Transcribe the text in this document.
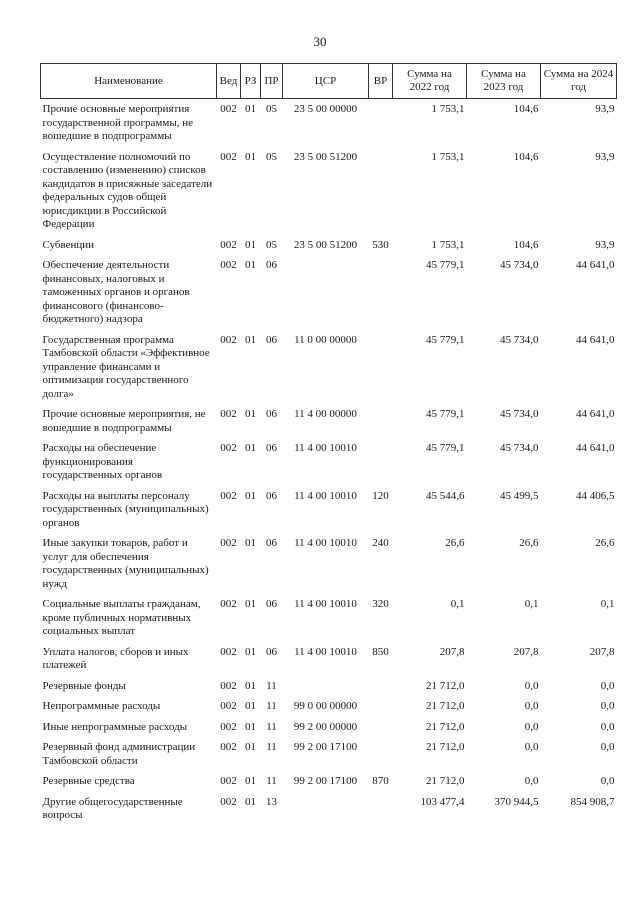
30
Наименование	Вед	РЗ	ПР	ЦСР	ВР	Сумма на 2022 год	Сумма на 2023 год	Сумма на 2024 год
Прочие основные мероприятия государственной программы, не вошедшие в подпрограммы	002	01	05	23 5 00 00000		1 753,1	104,6	93,9
Осуществление полномочий по составлению (изменению) списков кандидатов в присяжные заседатели федеральных судов общей юрисдикции в Российской Федерации	002	01	05	23 5 00 51200		1 753,1	104,6	93,9
Субвенции	002	01	05	23 5 00 51200	530	1 753,1	104,6	93,9
Обеспечение деятельности финансовых, налоговых и таможенных органов и органов финансового (финансово-бюджетного) надзора	002	01	06			45 779,1	45 734,0	44 641,0
Государственная программа Тамбовской области «Эффективное управление финансами и оптимизация государственного долга»	002	01	06	11 0 00 00000		45 779,1	45 734,0	44 641,0
Прочие основные мероприятия, не вошедшие в подпрограммы	002	01	06	11 4 00 00000		45 779,1	45 734,0	44 641,0
Расходы на обеспечение функционирования государственных органов	002	01	06	11 4 00 10010		45 779,1	45 734,0	44 641,0
Расходы на выплаты персоналу государственных (муниципальных) органов	002	01	06	11 4 00 10010	120	45 544,6	45 499,5	44 406,5
Иные закупки товаров, работ и услуг для обеспечения государственных (муниципальных) нужд	002	01	06	11 4 00 10010	240	26,6	26,6	26,6
Социальные выплаты гражданам, кроме публичных нормативных социальных выплат	002	01	06	11 4 00 10010	320	0,1	0,1	0,1
Уплата налогов, сборов и иных платежей	002	01	06	11 4 00 10010	850	207,8	207,8	207,8
Резервные фонды	002	01	11			21 712,0	0,0	0,0
Непрограммные расходы	002	01	11	99 0 00 00000		21 712,0	0,0	0,0
Иные непрограммные расходы	002	01	11	99 2 00 00000		21 712,0	0,0	0,0
Резервный фонд администрации Тамбовской области	002	01	11	99 2 00 17100		21 712,0	0,0	0,0
Резервные средства	002	01	11	99 2 00 17100	870	21 712,0	0,0	0,0
Другие общегосударственные вопросы	002	01	13			103 477,4	370 944,5	854 908,7
